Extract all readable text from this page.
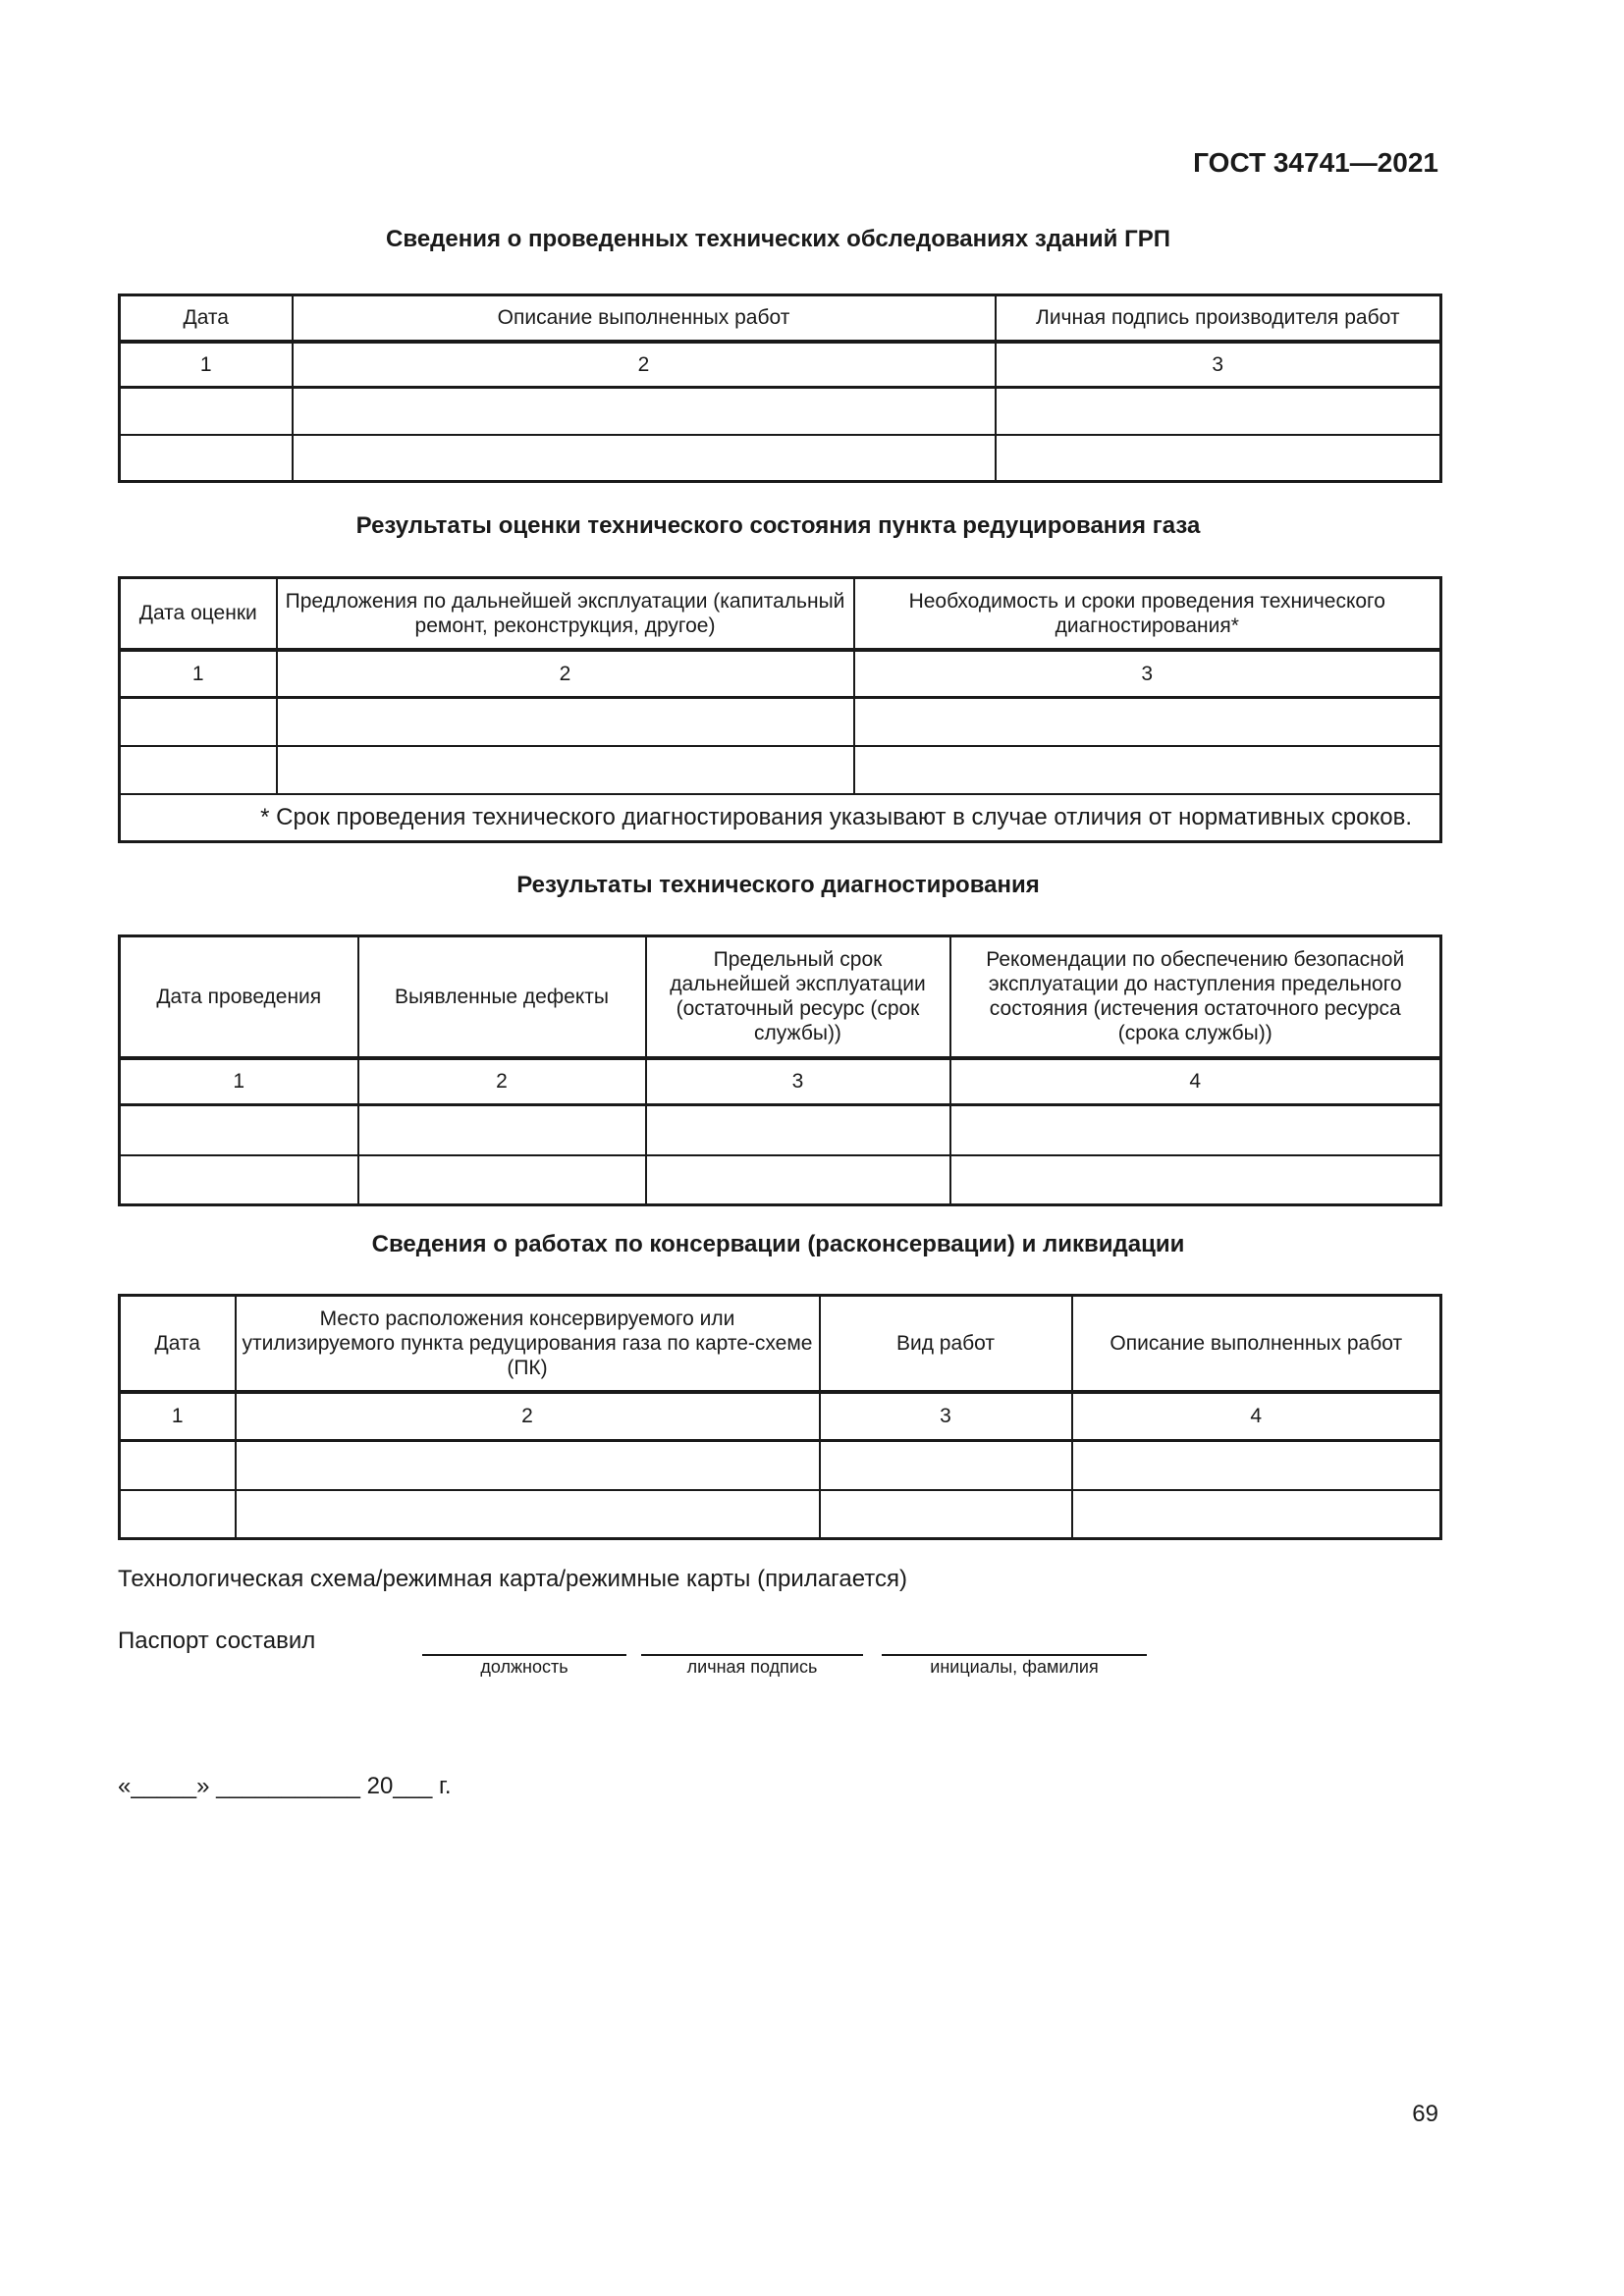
ГОСТ 34741—2021
Сведения о проведенных технических обследованиях зданий ГРП
Дата	Описание выполненных работ	Личная подпись производителя работ
1	2	3

Результаты оценки технического состояния пункта редуцирования газа
Дата оценки	Предложения по дальнейшей эксплуатации (капитальный ремонт, реконструкция, другое)	Необходимость и сроки проведения технического диагностирования*
1	2	3

* Срок проведения технического диагностирования указывают в случае отличия от нормативных сроков.		
Результаты технического диагностирования
Дата проведения	Выявленные дефекты	Предельный срок дальнейшей эксплуатации (остаточный ресурс (срок службы))	Рекомендации по обеспечению безопасной эксплуатации до наступления предельного состояния (истечения остаточного ресурса (срока службы))
1	2	3	4

Сведения о работах по консервации (расконсервации) и ликвидации
Дата	Место расположения консервируемого или утилизируемого пункта редуцирования газа по карте-схеме (ПК)	Вид работ	Описание выполненных работ
1	2	3	4

Технологическая схема/режимная карта/режимные карты (прилагается)
Паспорт составил
должность	личная подпись	инициалы, фамилия
«_____» ___________ 20___ г.
69
